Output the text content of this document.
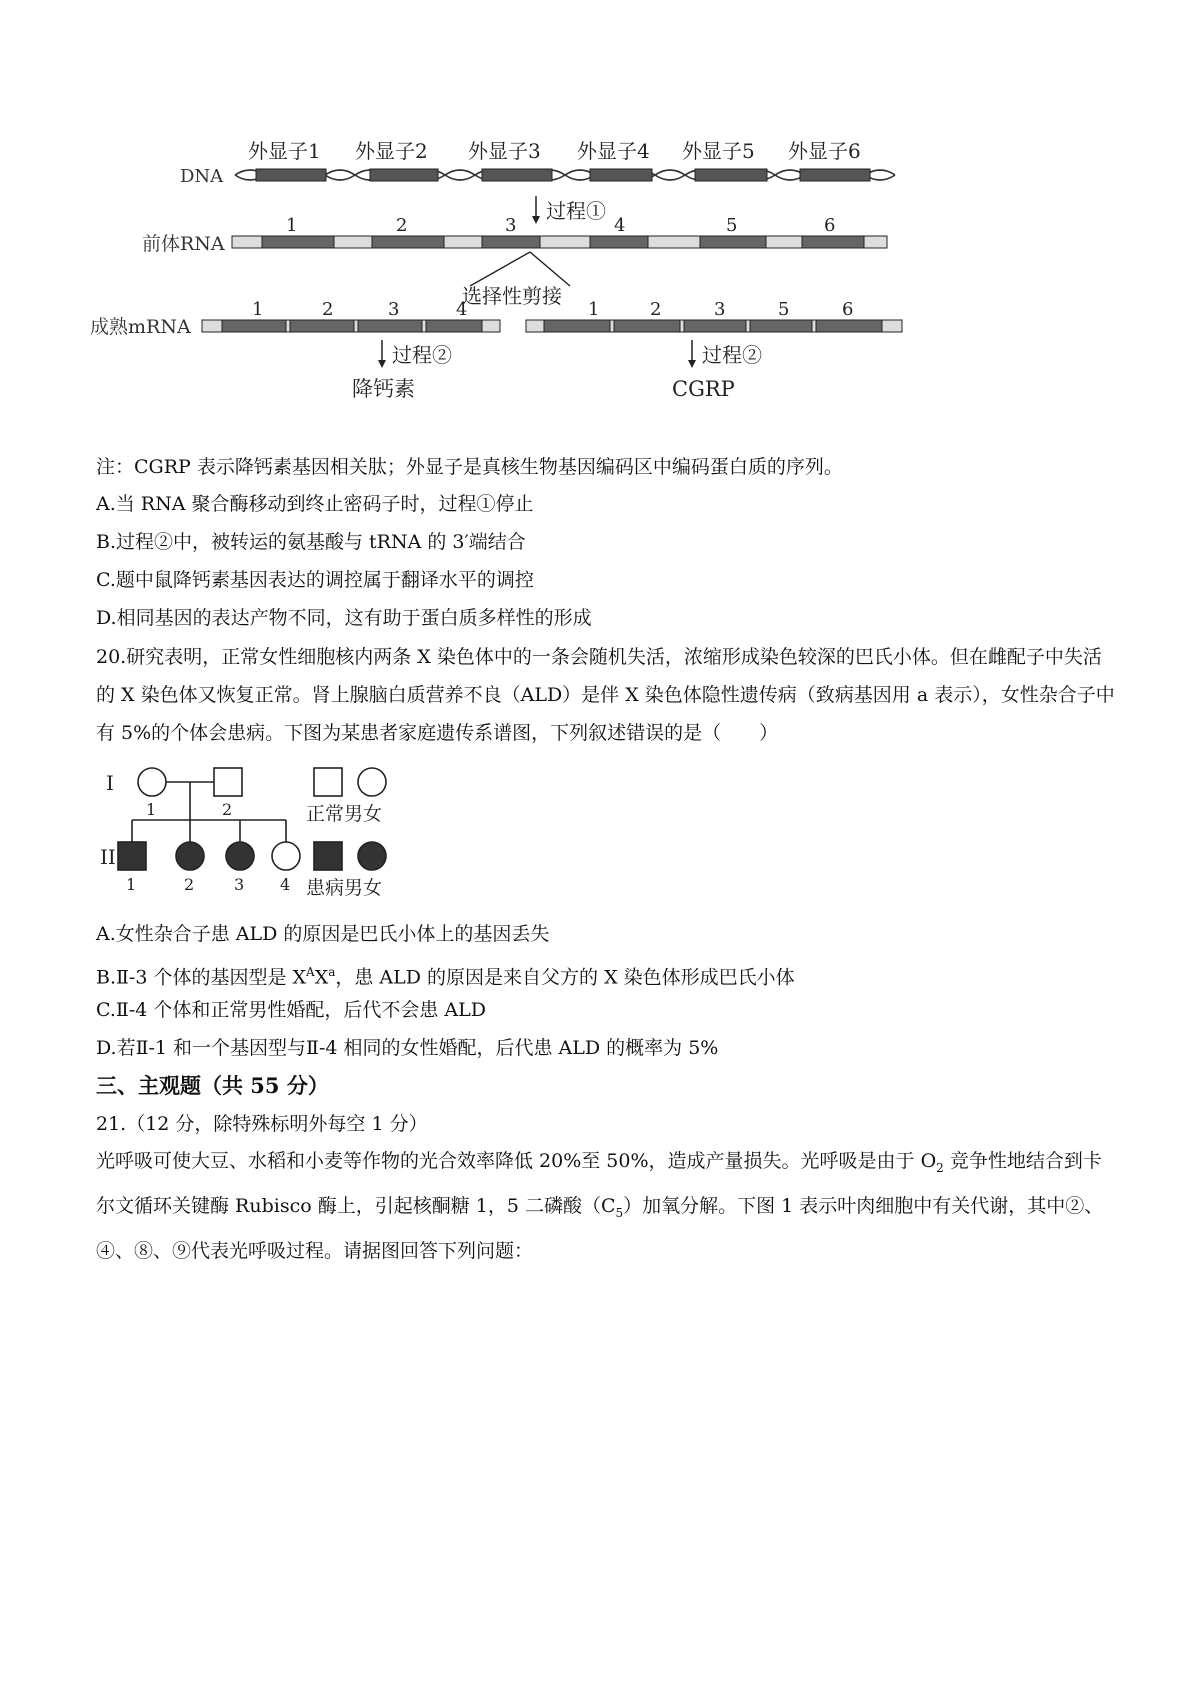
外显子1 外显子2 外显子3 外显子4 外显子5 外显子6
DNA
过程①
前体RNA
1	2	3	4	5	6
选择性剪接
成熟mRNA
1	2	3	4	1	2	3	5	6
过程②
降钙素
过程②
CGRP
注：CGRP 表示降钙素基因相关肽；外显子是真核生物基因编码区中编码蛋白质的序列。
A.当 RNA 聚合酶移动到终止密码子时，过程①停止
B.过程②中，被转运的氨基酸与 tRNA 的 3′端结合
C.题中鼠降钙素基因表达的调控属于翻译水平的调控
D.相同基因的表达产物不同，这有助于蛋白质多样性的形成
20.研究表明，正常女性细胞核内两条 X 染色体中的一条会随机失活，浓缩形成染色较深的巴氏小体。但在雌配子中失活的 X 染色体又恢复正常。肾上腺脑白质营养不良（ALD）是伴 X 染色体隐性遗传病（致病基因用 a 表示），女性杂合子中有 5%的个体会患病。下图为某患者家庭遗传系谱图，下列叙述错误的是（　　）
I
II
1	2
1	2 3 4
正常男女
患病男女
A.女性杂合子患 ALD 的原因是巴氏小体上的基因丢失
B.Ⅱ-3 个体的基因型是 $X^AX^a$，患 ALD 的原因是来自父方的 X 染色体形成巴氏小体
C.Ⅱ-4 个体和正常男性婚配，后代不会患 ALD
D.若Ⅱ-1 和一个基因型与Ⅱ-4 相同的女性婚配，后代患 ALD 的概率为 5%
三、主观题（共 55 分）
21.（12 分，除特殊标明外每空 1 分）
光呼吸可使大豆、水稻和小麦等作物的光合效率降低 20%至 50%，造成产量损失。光呼吸是由于 $O_2$ 竞争性地结合到卡尔文循环关键酶 Rubisco 酶上，引起核酮糖 1，5 二磷酸$(C_5)$加氧分解。下图 1 表示叶肉细胞中有关代谢，其中②、④、⑧、⑨代表光呼吸过程。请据图回答下列问题：
